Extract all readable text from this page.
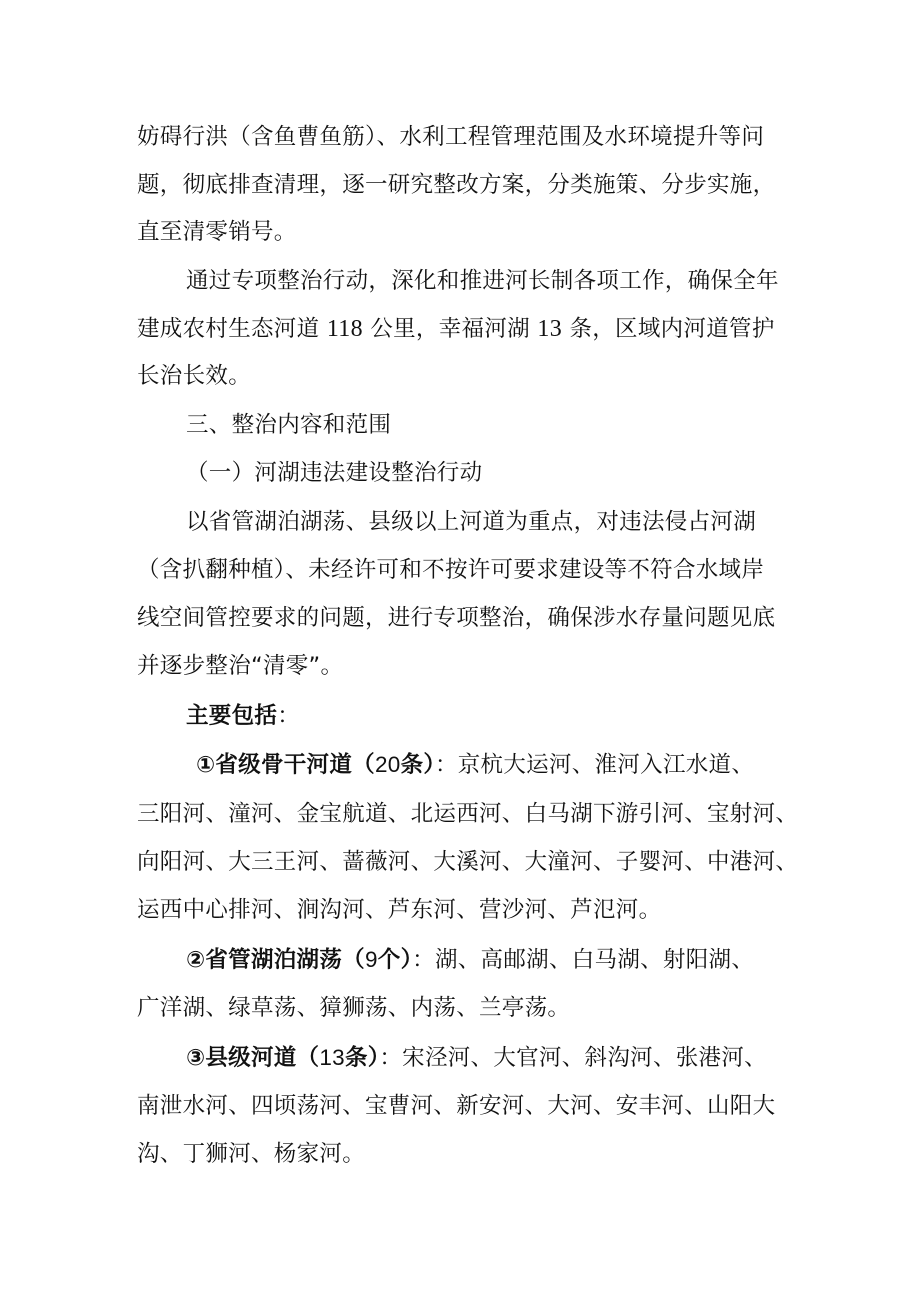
妨碍行洪（含鱼曹鱼筋）、水利工程管理范围及水环境提升等问
题，彻底排查清理，逐一研究整改方案，分类施策、分步实施，
直至清零销号。
通过专项整治行动，深化和推进河长制各项工作，确保全年
建成农村生态河道 118 公里，幸福河湖 13 条，区域内河道管护
长治长效。
三、整治内容和范围
（一）河湖违法建设整治行动
以省管湖泊湖荡、县级以上河道为重点，对违法侵占河湖
（含扒翻种植）、未经许可和不按许可要求建设等不符合水域岸
线空间管控要求的问题，进行专项整治，确保涉水存量问题见底
并逐步整治“清零”。
主要包括：
①省级骨干河道（20条）：京杭大运河、淮河入江水道、
三阳河、潼河、金宝航道、北运西河、白马湖下游引河、宝射河、
向阳河、大三王河、蔷薇河、大溪河、大潼河、子婴河、中港河、
运西中心排河、涧沟河、芦东河、营沙河、芦氾河。
②省管湖泊湖荡（9个）：湖、高邮湖、白马湖、射阳湖、
广洋湖、绿草荡、獐狮荡、内荡、兰亭荡。
③县级河道（13条）：宋泾河、大官河、斜沟河、张港河、
南泄水河、四顷荡河、宝曹河、新安河、大河、安丰河、山阳大
沟、丁狮河、杨家河。
